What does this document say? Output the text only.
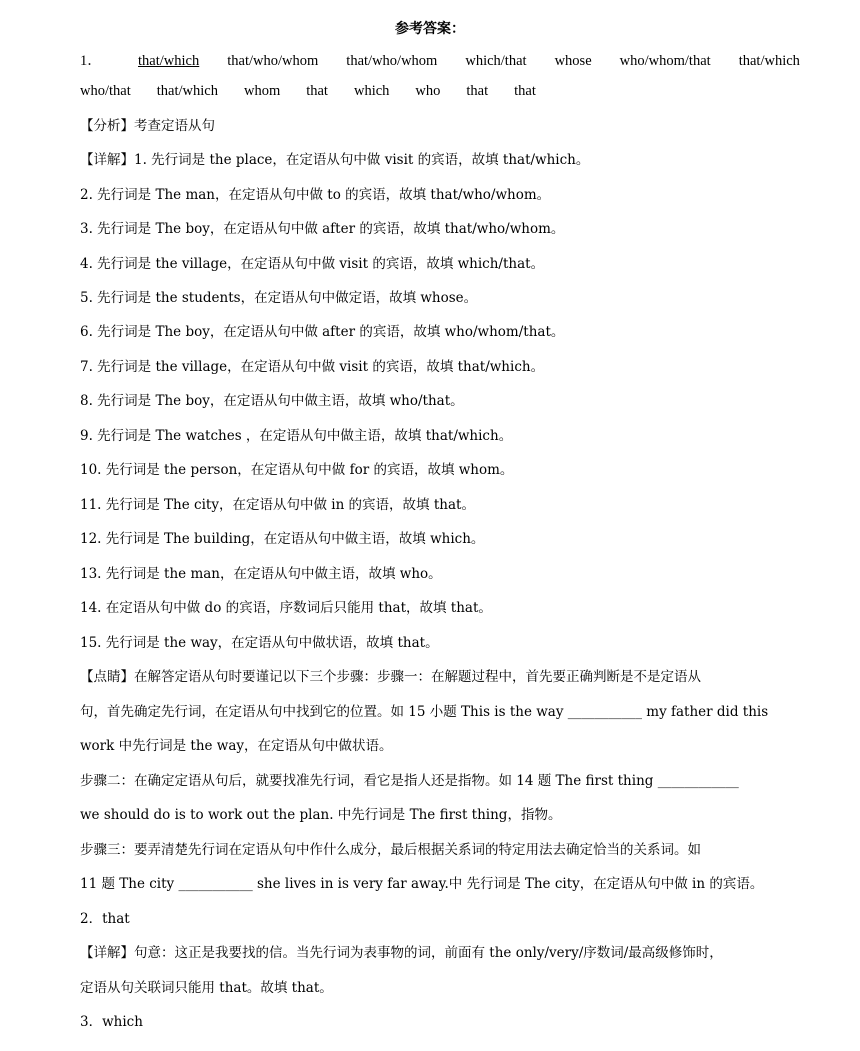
参考答案：
1．	that/which that/who/whom that/who/whom which/that whose who/whom/that that/which
who/that that/which whom that which who that that
【分析】考查定语从句
【详解】1. 先行词是 the place，在定语从句中做 visit 的宾语，故填 that/which。
2. 先行词是 The man，在定语从句中做 to 的宾语，故填 that/who/whom。
3. 先行词是 The boy，在定语从句中做 after 的宾语，故填 that/who/whom。
4. 先行词是 the village，在定语从句中做 visit 的宾语，故填 which/that。
5. 先行词是 the students，在定语从句中做定语，故填 whose。
6. 先行词是 The boy，在定语从句中做 after 的宾语，故填 who/whom/that。
7. 先行词是 the village，在定语从句中做 visit 的宾语，故填 that/which。
8. 先行词是 The boy，在定语从句中做主语，故填 who/that。
9. 先行词是 The watches ，在定语从句中做主语，故填 that/which。
10. 先行词是 the person，在定语从句中做 for 的宾语，故填 whom。
11. 先行词是 The city，在定语从句中做 in 的宾语，故填 that。
12. 先行词是 The building，在定语从句中做主语，故填 which。
13. 先行词是 the man，在定语从句中做主语，故填 who。
14. 在定语从句中做 do 的宾语，序数词后只能用 that，故填 that。
15. 先行词是 the way，在定语从句中做状语，故填 that。
【点睛】在解答定语从句时要谨记以下三个步骤：步骤一：在解题过程中，首先要正确判断是不是定语从
句，首先确定先行词，在定语从句中找到它的位置。如 15 小题 This is the way ___________ my father did this
work 中先行词是 the way，在定语从句中做状语。
步骤二：在确定定语从句后，就要找准先行词，看它是指人还是指物。如 14 题 The first thing ____________
we should do is to work out the plan. 中先行词是 The first thing，指物。
步骤三：要弄清楚先行词在定语从句中作什么成分，最后根据关系词的特定用法去确定恰当的关系词。如
11 题 The city ___________ she lives in is very far away.中 先行词是 The city，在定语从句中做 in 的宾语。
2．that
【详解】句意：这正是我要找的信。当先行词为表事物的词，前面有 the only/very/序数词/最高级修饰时，
定语从句关联词只能用 that。故填 that。
3．which
